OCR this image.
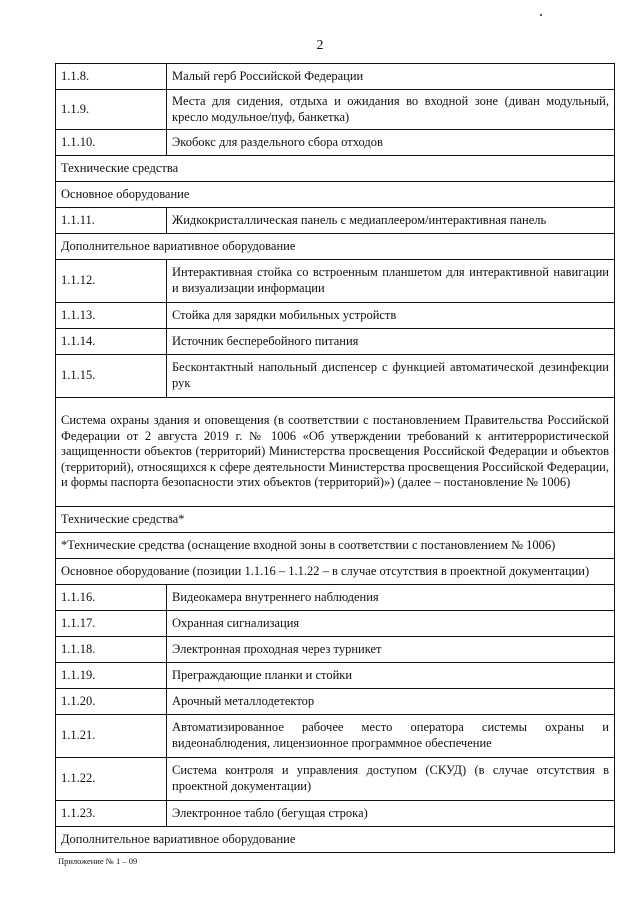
2
1.1.8.	Малый герб Российской Федерации
1.1.9.	Места для сидения, отдыха и ожидания во входной зоне (диван модульный, кресло модульное/пуф, банкетка)
1.1.10.	Экобокс для раздельного сбора отходов
Технические средства	
Основное оборудование	
1.1.11.	Жидкокристаллическая панель с медиаплеером/интерактивная панель
Дополнительное вариативное оборудование	
1.1.12.	Интерактивная стойка со встроенным планшетом для интерактивной навигации и визуализации информации
1.1.13.	Стойка для зарядки мобильных устройств
1.1.14.	Источник бесперебойного питания
1.1.15.	Бесконтактный напольный диспенсер с функцией автоматической дезинфекции рук
Система охраны здания и оповещения (в соответствии с постановлением Правительства Российской Федерации от 2 августа 2019 г. № 1006 «Об утверждении требований к антитеррористической защищенности объектов (территорий) Министерства просвещения Российской Федерации и объектов (территорий), относящихся к сфере деятельности Министерства просвещения Российской Федерации, и формы паспорта безопасности этих объектов (территорий)») (далее – постановление № 1006)	
Технические средства*	
*Технические средства (оснащение входной зоны в соответствии с постановлением № 1006)	
Основное оборудование (позиции 1.1.16 – 1.1.22 – в случае отсутствия в проектной документации)	
1.1.16.	Видеокамера внутреннего наблюдения
1.1.17.	Охранная сигнализация
1.1.18.	Электронная проходная через турникет
1.1.19.	Преграждающие планки и стойки
1.1.20.	Арочный металлодетектор
1.1.21.	Автоматизированное рабочее место оператора системы охраны и видеонаблюдения, лицензионное программное обеспечение
1.1.22.	Система контроля и управления доступом (СКУД) (в случае отсутствия в проектной документации)
1.1.23.	Электронное табло (бегущая строка)
Дополнительное вариативное оборудование	
Приложение № 1 – 09
